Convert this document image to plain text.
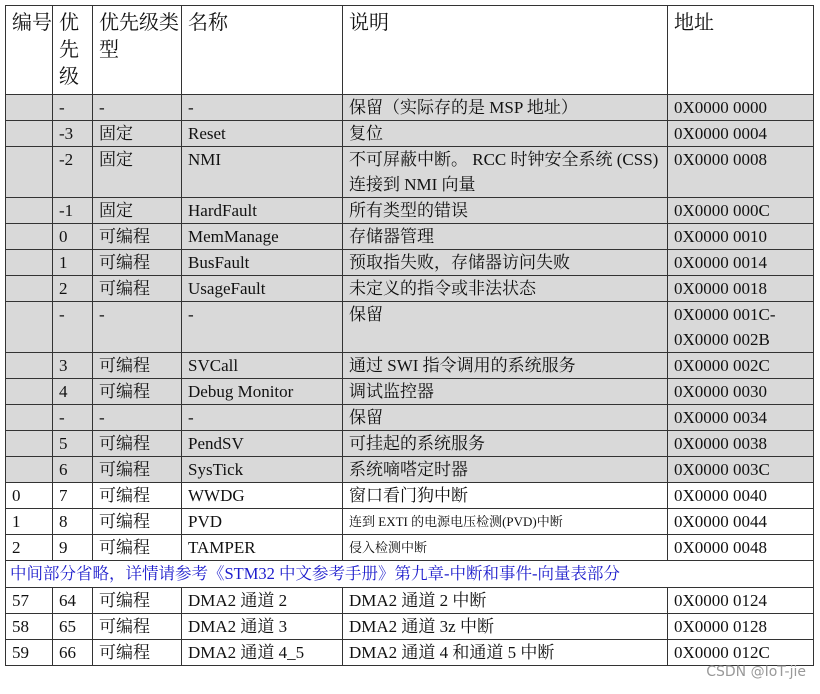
编号	优先级	优先级类型	名称	说明	地址
	-	-	-	保留（实际存的是 MSP 地址）	0X0000 0000
	-3	固定	Reset	复位	0X0000 0004
	-2	固定	NMI	不可屏蔽中断。 RCC 时钟安全系统 (CSS) 连接到 NMI 向量	0X0000 0008
	-1	固定	HardFault	所有类型的错误	0X0000 000C
	0	可编程	MemManage	存储器管理	0X0000 0010
	1	可编程	BusFault	预取指失败，存储器访问失败	0X0000 0014
	2	可编程	UsageFault	未定义的指令或非法状态	0X0000 0018
	-	-	-	保留	0X0000 001C- 0X0000 002B
	3	可编程	SVCall	通过 SWI 指令调用的系统服务	0X0000 002C
	4	可编程	Debug Monitor	调试监控器	0X0000 0030
	-	-	-	保留	0X0000 0034
	5	可编程	PendSV	可挂起的系统服务	0X0000 0038
	6	可编程	SysTick	系统嘀嗒定时器	0X0000 003C
0	7	可编程	WWDG	窗口看门狗中断	0X0000 0040
1	8	可编程	PVD	连到 EXTI 的电源电压检测(PVD)中断	0X0000 0044
2	9	可编程	TAMPER	侵入检测中断	0X0000 0048
中间部分省略，详情请参考《STM32 中文参考手册》第九章-中断和事件-向量表部分					
57	64	可编程	DMA2 通道 2	DMA2 通道 2 中断	0X0000 0124
58	65	可编程	DMA2 通道 3	DMA2 通道 3z 中断	0X0000 0128
59	66	可编程	DMA2 通道 4_5	DMA2 通道 4 和通道 5 中断	0X0000 012C
CSDN @IoT-jie
